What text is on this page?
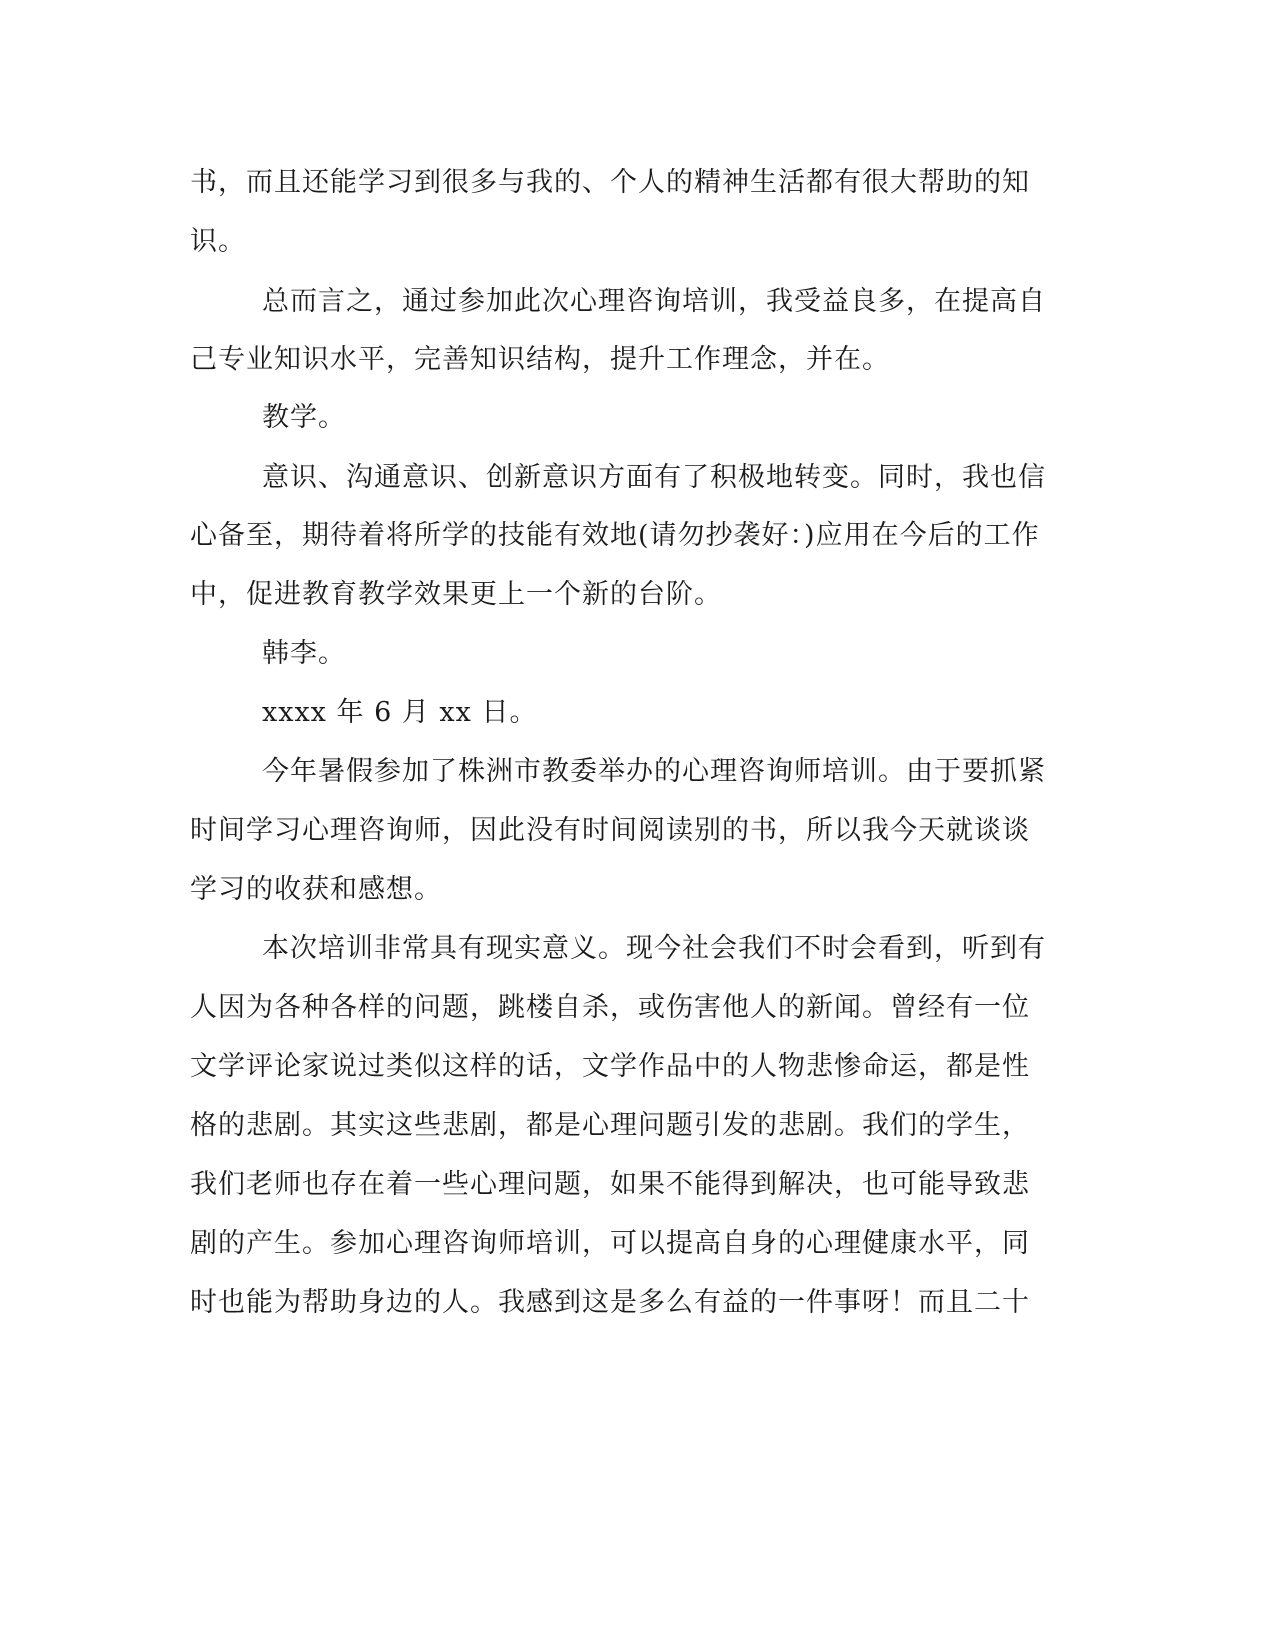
书，而且还能学习到很多与我的、个人的精神生活都有很大帮助的知
识。
总而言之，通过参加此次心理咨询培训，我受益良多，在提高自
己专业知识水平，完善知识结构，提升工作理念，并在。
教学。
意识、沟通意识、创新意识方面有了积极地转变。同时，我也信
心备至，期待着将所学的技能有效地(请勿抄袭好：)应用在今后的工作
中，促进教育教学效果更上一个新的台阶。
韩李。
xxxx 年 6 月 xx 日。
今年暑假参加了株洲市教委举办的心理咨询师培训。由于要抓紧
时间学习心理咨询师，因此没有时间阅读别的书，所以我今天就谈谈
学习的收获和感想。
本次培训非常具有现实意义。现今社会我们不时会看到，听到有
人因为各种各样的问题，跳楼自杀，或伤害他人的新闻。曾经有一位
文学评论家说过类似这样的话，文学作品中的人物悲惨命运，都是性
格的悲剧。其实这些悲剧，都是心理问题引发的悲剧。我们的学生，
我们老师也存在着一些心理问题，如果不能得到解决，也可能导致悲
剧的产生。参加心理咨询师培训，可以提高自身的心理健康水平，同
时也能为帮助身边的人。我感到这是多么有益的一件事呀！而且二十
